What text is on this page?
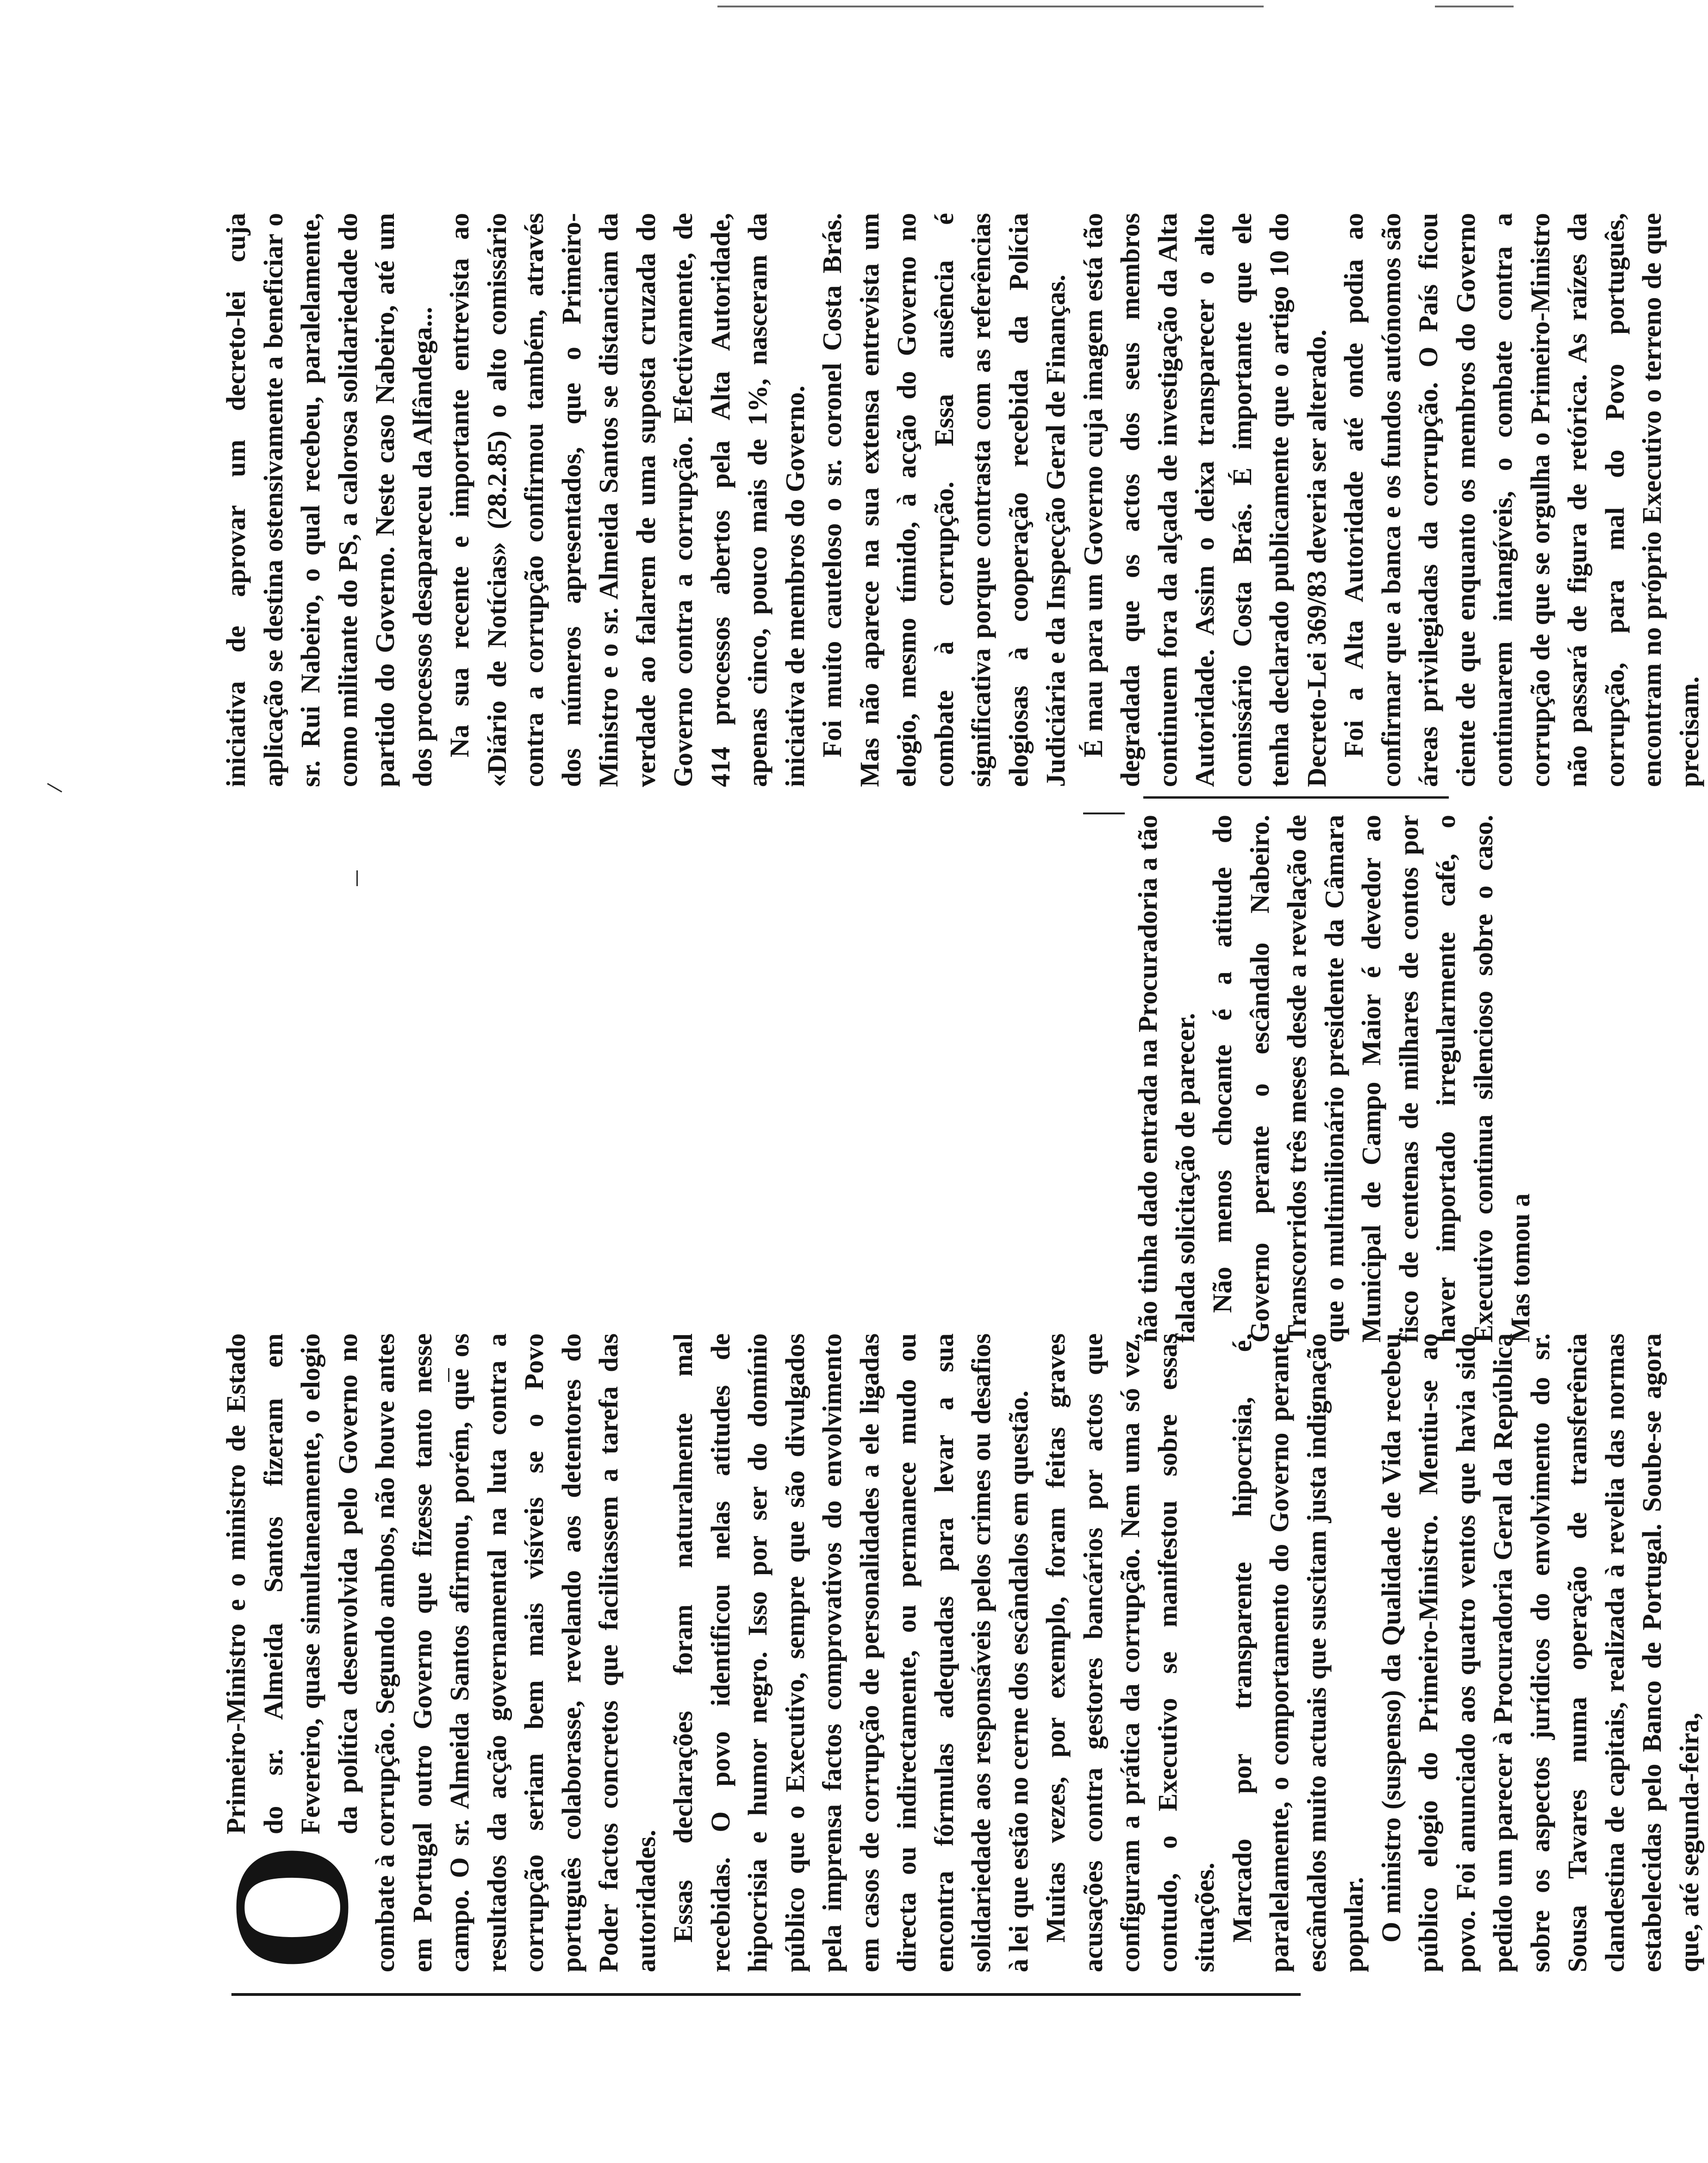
O
Primeiro-Ministro e o ministro de Estado do sr. Almeida Santos fizeram em Fevereiro, quase simultaneamente, o elogio da política desenvolvida pelo Governo no combate à corrupção. Segundo ambos, não houve antes em Portugal outro Governo que fizesse tanto nesse campo. O sr. Almeida Santos afirmou, porém, que os resultados da acção governamental na luta contra a corrupção seriam bem mais visíveis se o Povo português colaborasse, revelando aos detentores do Poder factos concretos que facilitassem a tarefa das autoridades. Essas declarações foram naturalmente mal recebidas. O povo identificou nelas atitudes de hipocrisia e humor negro. Isso por ser do domínio público que o Executivo, sempre que são divulgados pela imprensa factos comprovativos do envolvimento em casos de corrupção de personalidades a ele ligadas directa ou indirectamente, ou permanece mudo ou encontra fórmulas adequadas para levar a sua solidariedade aos responsáveis pelos crimes ou desafios à lei que estão no cerne dos escândalos em questão. Muitas vezes, por exemplo, foram feitas graves acusações contra gestores bancários por actos que configuram a prática da corrupção. Nem uma só vez, contudo, o Executivo se manifestou sobre essas situações. Marcado por transparente hipocrisia, é, paralelamente, o comportamento do Governo perante escândalos muito actuais que suscitam justa indignação popular. O ministro (suspenso) da Qualidade de Vida recebeu público elogio do Primeiro-Ministro. Mentiu-se ao povo. Foi anunciado aos quatro ventos que havia sido pedido um parecer à Procuradoria Geral da República sobre os aspectos jurídicos do envolvimento do sr. Sousa Tavares numa operação de transferência clandestina de capitais, realizada à revelia das normas estabelecidas pelo Banco de Portugal. Soube-se agora que, até segunda-feira,

não tinha dado entrada na Procuradoria a tão falada solicitação de parecer. Não menos chocante é a atitude do Governo perante o escândalo Nabeiro. Transcorridos três meses desde a revelação de que o multimilionário presidente da Câmara Municipal de Campo Maior é devedor ao fisco de centenas de milhares de contos por haver importado irregularmente café, o Executivo continua silencioso sobre o caso. Mas tomou a

iniciativa de aprovar um decreto-lei cuja aplicação se destina ostensivamente a beneficiar o sr. Rui Nabeiro, o qual recebeu, paralelamente, como militante do PS, a calorosa solidariedade do partido do Governo. Neste caso Nabeiro, até um dos processos desapareceu da Alfândega... Na sua recente e importante entrevista ao «Diário de Notícias» (28.2.85) o alto comissário contra a corrupção confirmou também, através dos números apresentados, que o Primeiro-Ministro e o sr. Almeida Santos se distanciam da verdade ao falarem de uma suposta cruzada do Governo contra a corrupção. Efectivamente, de 414 processos abertos pela Alta Autoridade, apenas cinco, pouco mais de 1%, nasceram da iniciativa de membros do Governo. Foi muito cauteloso o sr. coronel Costa Brás. Mas não aparece na sua extensa entrevista um elogio, mesmo tímido, à acção do Governo no combate à corrupção. Essa ausência é significativa porque contrasta com as referências elogiosas à cooperação recebida da Polícia Judiciária e da Inspecção Geral de Finanças. É mau para um Governo cuja imagem está tão degradada que os actos dos seus membros continuem fora da alçada de investigação da Alta Autoridade. Assim o deixa transparecer o alto comissário Costa Brás. É importante que ele tenha declarado publicamente que o artigo 10 do Decreto-Lei 369/83 deveria ser alterado. Foi a Alta Autoridade até onde podia ao confirmar que a banca e os fundos autónomos são áreas privilegiadas da corrupção. O País ficou ciente de que enquanto os membros do Governo continuarem intangíveis, o combate contra a corrupção de que se orgulha o Primeiro-Ministro não passará de figura de retórica. As raízes da corrupção, para mal do Povo português, encontram no próprio Executivo o terreno de que precisam.
